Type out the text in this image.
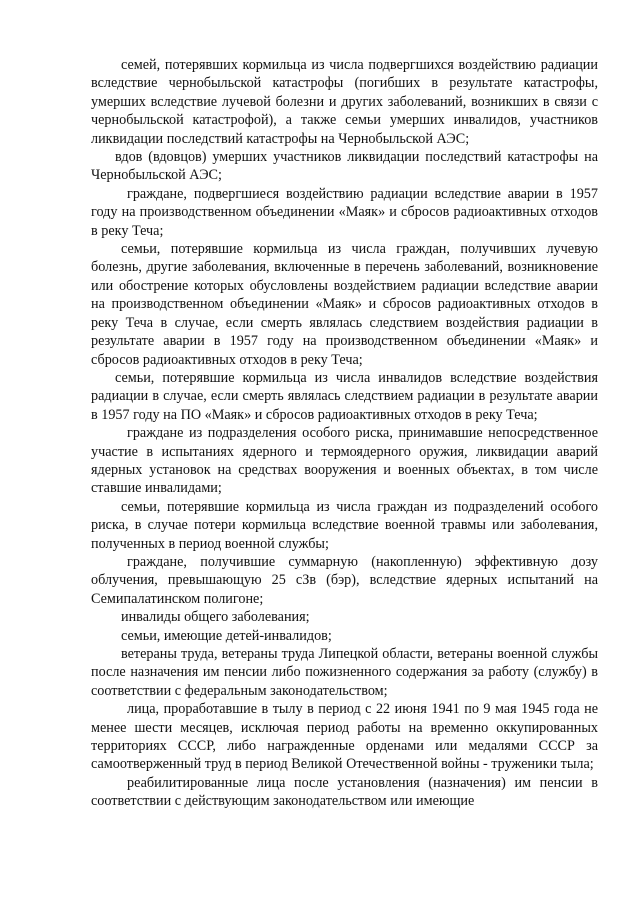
семей, потерявших кормильца из числа подвергшихся воздействию радиации вследствие чернобыльской катастрофы (погибших в результате катастрофы, умерших вследствие лучевой болезни и других заболеваний, возникших в связи с чернобыльской катастрофой), а также семьи умерших инвалидов, участников ликвидации последствий катастрофы на Чернобыльской АЭС;

вдов (вдовцов) умерших участников ликвидации последствий катастрофы на Чернобыльской АЭС;

граждане, подвергшиеся воздействию радиации вследствие аварии в 1957 году на производственном объединении «Маяк» и сбросов радиоактивных отходов в реку Теча;

семьи, потерявшие кормильца из числа граждан, получивших лучевую болезнь, другие заболевания, включенные в перечень заболеваний, возникновение или обострение которых обусловлены воздействием радиации вследствие аварии на производственном объединении «Маяк» и сбросов радиоактивных отходов в реку Теча в случае, если смерть являлась следствием воздействия радиации в результате аварии в 1957 году на производственном объединении «Маяк» и сбросов радиоактивных отходов в реку Теча;

семьи, потерявшие кормильца из числа инвалидов вследствие воздействия радиации в случае, если смерть являлась следствием радиации в результате аварии в 1957 году на ПО «Маяк» и сбросов радиоактивных отходов в реку Теча;

граждане из подразделения особого риска, принимавшие непосредственное участие в испытаниях ядерного и термоядерного оружия, ликвидации аварий ядерных установок на средствах вооружения и военных объектах, в том числе ставшие инвалидами;

семьи, потерявшие кормильца из числа граждан из подразделений особого риска, в случае потери кормильца вследствие военной травмы или заболевания, полученных в период военной службы;

граждане, получившие суммарную (накопленную) эффективную дозу облучения, превышающую 25 сЗв (бэр), вследствие ядерных испытаний на Семипалатинском полигоне;

инвалиды общего заболевания;

семьи, имеющие детей-инвалидов;

ветераны труда, ветераны труда Липецкой области, ветераны военной службы после назначения им пенсии либо пожизненного содержания за работу (службу) в соответствии с федеральным законодательством;

лица, проработавшие в тылу в период с 22 июня 1941 по 9 мая 1945 года не менее шести месяцев, исключая период работы на временно оккупированных территориях СССР, либо награжденные орденами или медалями СССР за самоотверженный труд в период Великой Отечественной войны - труженики тыла;

реабилитированные лица после установления (назначения) им пенсии в соответствии с действующим законодательством или имеющие
